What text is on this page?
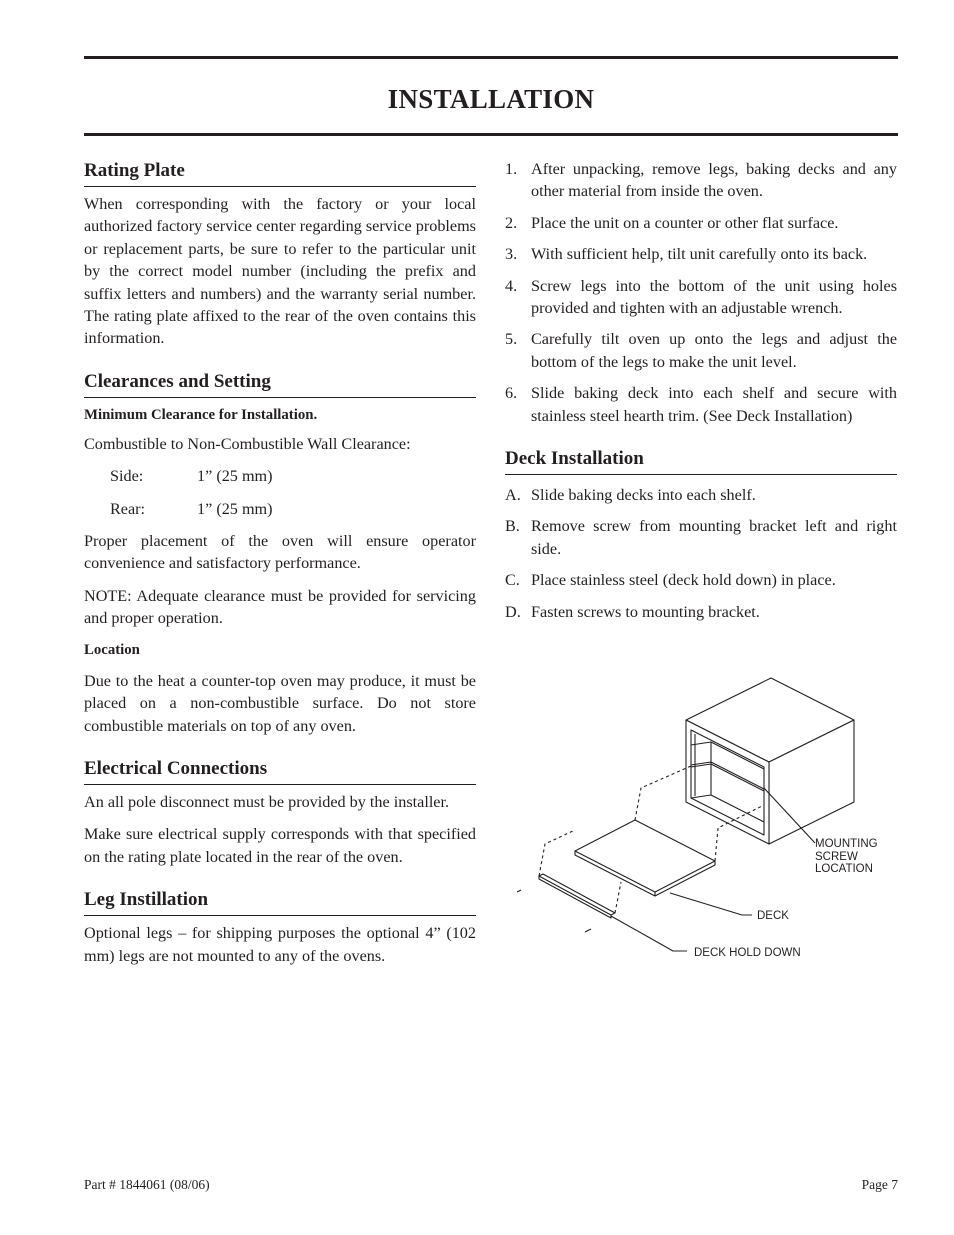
INSTALLATION
Rating Plate

When corresponding with the factory or your local authorized factory service center regarding service problems or replacement parts, be sure to refer to the particular unit by the correct model number (including the prefix and suffix letters and numbers) and the warranty serial number. The rating plate affixed to the rear of the oven contains this information.

Clearances and Setting

Minimum Clearance for Installation.

Combustible to Non-Combustible Wall Clearance:

Side:	1” (25 mm)
Rear:	1” (25 mm)

Proper placement of the oven will ensure operator convenience and satisfactory performance.

NOTE: Adequate clearance must be provided for servicing and proper operation.

Location

Due to the heat a counter-top oven may produce, it must be placed on a non-combustible surface. Do not store combustible materials on top of any oven.

Electrical Connections

An all pole disconnect must be provided by the installer.

Make sure electrical supply corresponds with that specified on the rating plate located in the rear of the oven.

Leg Instillation

Optional legs – for shipping purposes the optional 4” (102 mm) legs are not mounted to any of the ovens.

1. After unpacking, remove legs, baking decks and any other material from inside the oven.
2. Place the unit on a counter or other flat surface.
3. With sufficient help, tilt unit carefully onto its back.
4. Screw legs into the bottom of the unit using holes provided and tighten with an adjustable wrench.
5. Carefully tilt oven up onto the legs and adjust the bottom of the legs to make the unit level.
6. Slide baking deck into each shelf and secure with stainless steel hearth trim. (See Deck Installation)
Deck Installation
A. Slide baking decks into each shelf.
B. Remove screw from mounting bracket left and right side.
C. Place stainless steel (deck hold down) in place.
D. Fasten screws to mounting bracket.
MOUNTING
SCREW
LOCATION
DECK
DECK HOLD DOWN
Part # 1844061 (08/06)	Page 7
